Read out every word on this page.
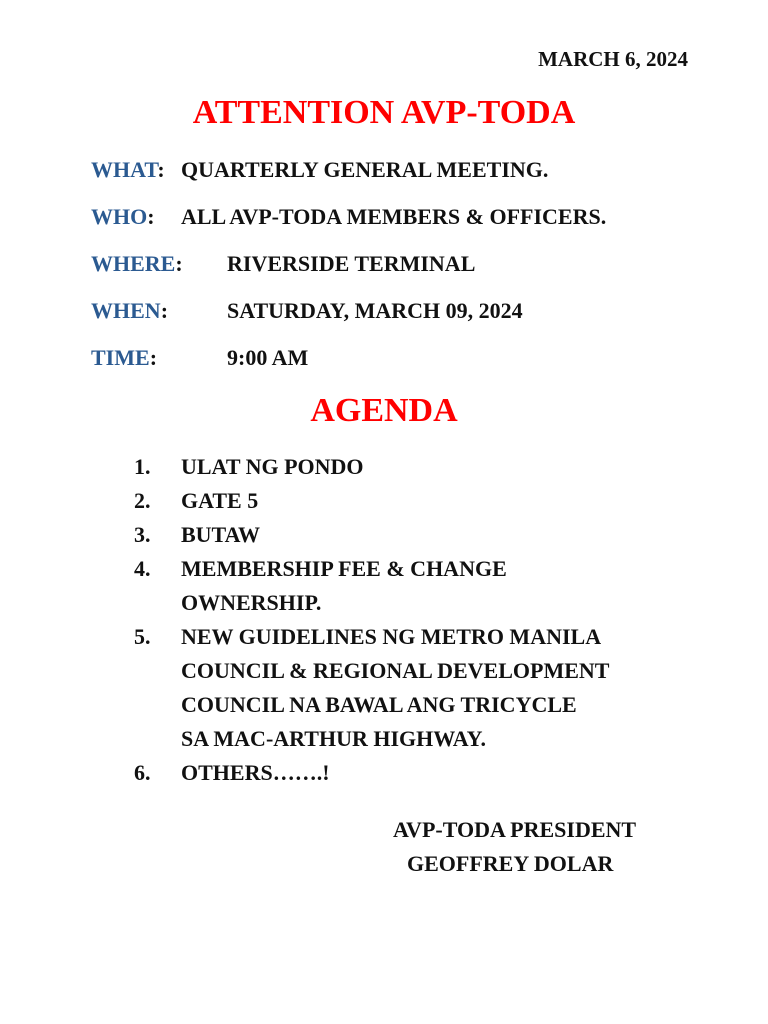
MARCH 6, 2024
ATTENTION AVP-TODA
WHAT: QUARTERLY GENERAL MEETING.
WHO: ALL AVP-TODA MEMBERS & OFFICERS.
WHERE: RIVERSIDE TERMINAL
WHEN:	SATURDAY, MARCH 09, 2024
TIME:	9:00 AM
AGENDA
1. ULAT NG PONDO
2. GATE 5
3. BUTAW
4. MEMBERSHIP FEE & CHANGE
OWNERSHIP.
5. NEW GUIDELINES NG METRO MANILA
COUNCIL & REGIONAL DEVELOPMENT
COUNCIL NA BAWAL ANG TRICYCLE
SA MAC-ARTHUR HIGHWAY.
6. OTHERS…….!
AVP-TODA PRESIDENT
GEOFFREY DOLAR
